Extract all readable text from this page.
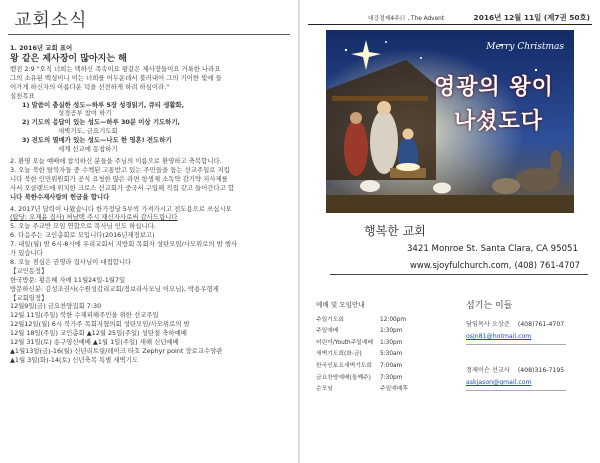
교회소식

1. 2016년 교회 표어

왕 같은 제사장이 많아지는 해

벧전 2:9 "오직 너희는 택하신 족속이요 왕같은 제사장들이요 거룩한 나라요

그의 소유된 백성이니 이는 너희를 어두운데서 불러내어 그의 기이한 빛에 들

어가게 하신자의 아름다운 덕을 선전하게 하려 하심이라."

실천목표

1) 말씀이 충실한 성도—하루 5장 성경읽기, 큐티 생활화,

성경공부 참여 하기

2) 기도의 응답이 있는 성도—하루 30분 이상 기도하기,

새벽기도, 금요기도회

3) 전도의 열매가 있는 성도—나도 한 영혼! 전도하기

세계 선교에 동참하기

2. 환영 오늘 예배에 참석하신 분들을 주님의 이름으로 환영하고 축복합니다.

3. 오늘 북한 탈북자들 중 수책된 고통받고 있는 주민들을 돕는 선교주일로 지킵

니다 북한 인민위원회가 공식 요청한 많은 라면 항생제 소독약 감기약 지사제를

사서 오클랜드에 위치한 크로스 선교회가 중국서 구입해 직접 갖고 들어간다고 합

니다 북한수재사랑의 헌금을 합니다

4. 2017년 달력이 나왔습니다 한가정당 5부씩 가져가시고 전도용으로 쓰십시오

(탐당: 오재윤 집사) 허남택 주시 재신자사로써 감사드립니다

5. 오늘 주교반 모임 연합으로 목사님 인도 하십니다.

6. 다음주는 교인총회로 모입니다(2016년재정보고)

7. 내일(월) 밤 6시-8시에 우리교회서 지방회 목회자 성탄모임/사모위로의 밤 행사

가 있습니다

8. 오늘 점심은 권영라 집사님이 대접합니다

【교인동정】

한국방문: 황은혜 자매 11월24일-1월7일

방문하신분: 김성조권사(수원성감리교회/정보라사모님 이모님), 박용우형제

【교회일정】

12월9일(금) 금요찬양집회 7:30

12월 11일(주일) 북한 수재피해주민을 위한 선교주일

12월12일(월) 6시 북가주 목회자협의회 성탄모임/사모위로의 밤

12월 18일(주일) 교인총회 ▲12월 25일(주일) 성탄절 축하예배

12월 31일(토) 송구영신예배 ▲1월 1일(주일) 새해 신년예배

▲1월13일(금)-16(월) 신년리트릿/레이크 타호 Zephyr point 장로교수양관

▲1월 3일(화)-14(토) 신년축복 특별 새벽기도

대강절제4주日 , The Advent	2016년 12월 11일 (제7권 50호)
Merry Christmas
영광의 왕이
나셨도다
행복한 교회
3421 Monroe St. Santa Clara, CA 95051
www.sjoyfulchurch.com, (408) 761-4707
예배 및 모임안내
주일기도회	12:00pm
주일예배	1:30pm
어린이/Youth주일예배 1:30pm
새벽기도회(화-금)	5:30am
한국인토요새벽기도회 7:00am
금요찬양예배(둘째주) 7:30pm
순모임	주일예배후
섬기는 이들
담임목사 오상준 (408)761-4707
osjn81@hotmail.com
정제이슨 선교사 (408)316-7195
askjason@gmail.com
